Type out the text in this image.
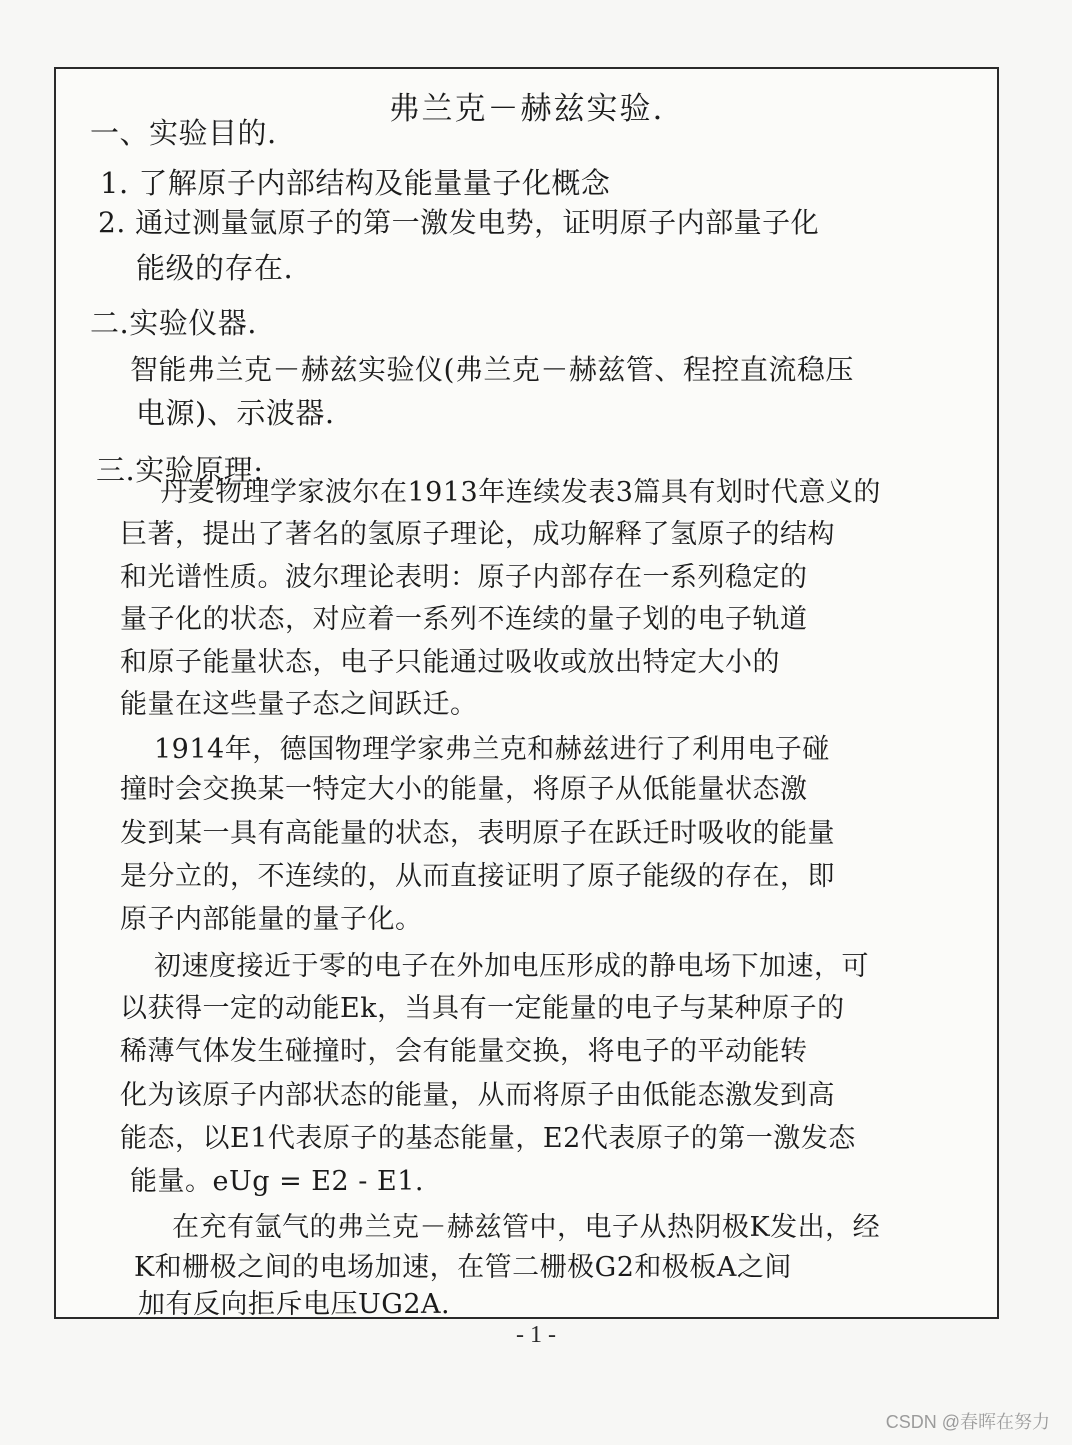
弗兰克－赫兹实验.
一、实验目的.
1. 了解原子内部结构及能量量子化概念
2. 通过测量氩原子的第一激发电势，证明原子内部量子化
能级的存在.
二.实验仪器.
智能弗兰克－赫兹实验仪(弗兰克－赫兹管、程控直流稳压
电源)、示波器.
三.实验原理:
丹麦物理学家波尔在1913年连续发表3篇具有划时代意义的
巨著，提出了著名的氢原子理论，成功解释了氢原子的结构
和光谱性质。波尔理论表明：原子内部存在一系列稳定的
量子化的状态，对应着一系列不连续的量子划的电子轨道
和原子能量状态，电子只能通过吸收或放出特定大小的
能量在这些量子态之间跃迁。
1914年，德国物理学家弗兰克和赫兹进行了利用电子碰
撞时会交换某一特定大小的能量，将原子从低能量状态激
发到某一具有高能量的状态，表明原子在跃迁时吸收的能量
是分立的，不连续的，从而直接证明了原子能级的存在，即
原子内部能量的量子化。
初速度接近于零的电子在外加电压形成的静电场下加速，可
以获得一定的动能Ek，当具有一定能量的电子与某种原子的
稀薄气体发生碰撞时，会有能量交换，将电子的平动能转
化为该原子内部状态的能量，从而将原子由低能态激发到高
能态，以E1代表原子的基态能量，E2代表原子的第一激发态
能量。eUg = E2 - E1.
在充有氩气的弗兰克－赫兹管中，电子从热阴极K发出，经
K和栅极之间的电场加速，在管二栅极G2和极板A之间
加有反向拒斥电压UG2A.
- 1 -
CSDN @春晖在努力
